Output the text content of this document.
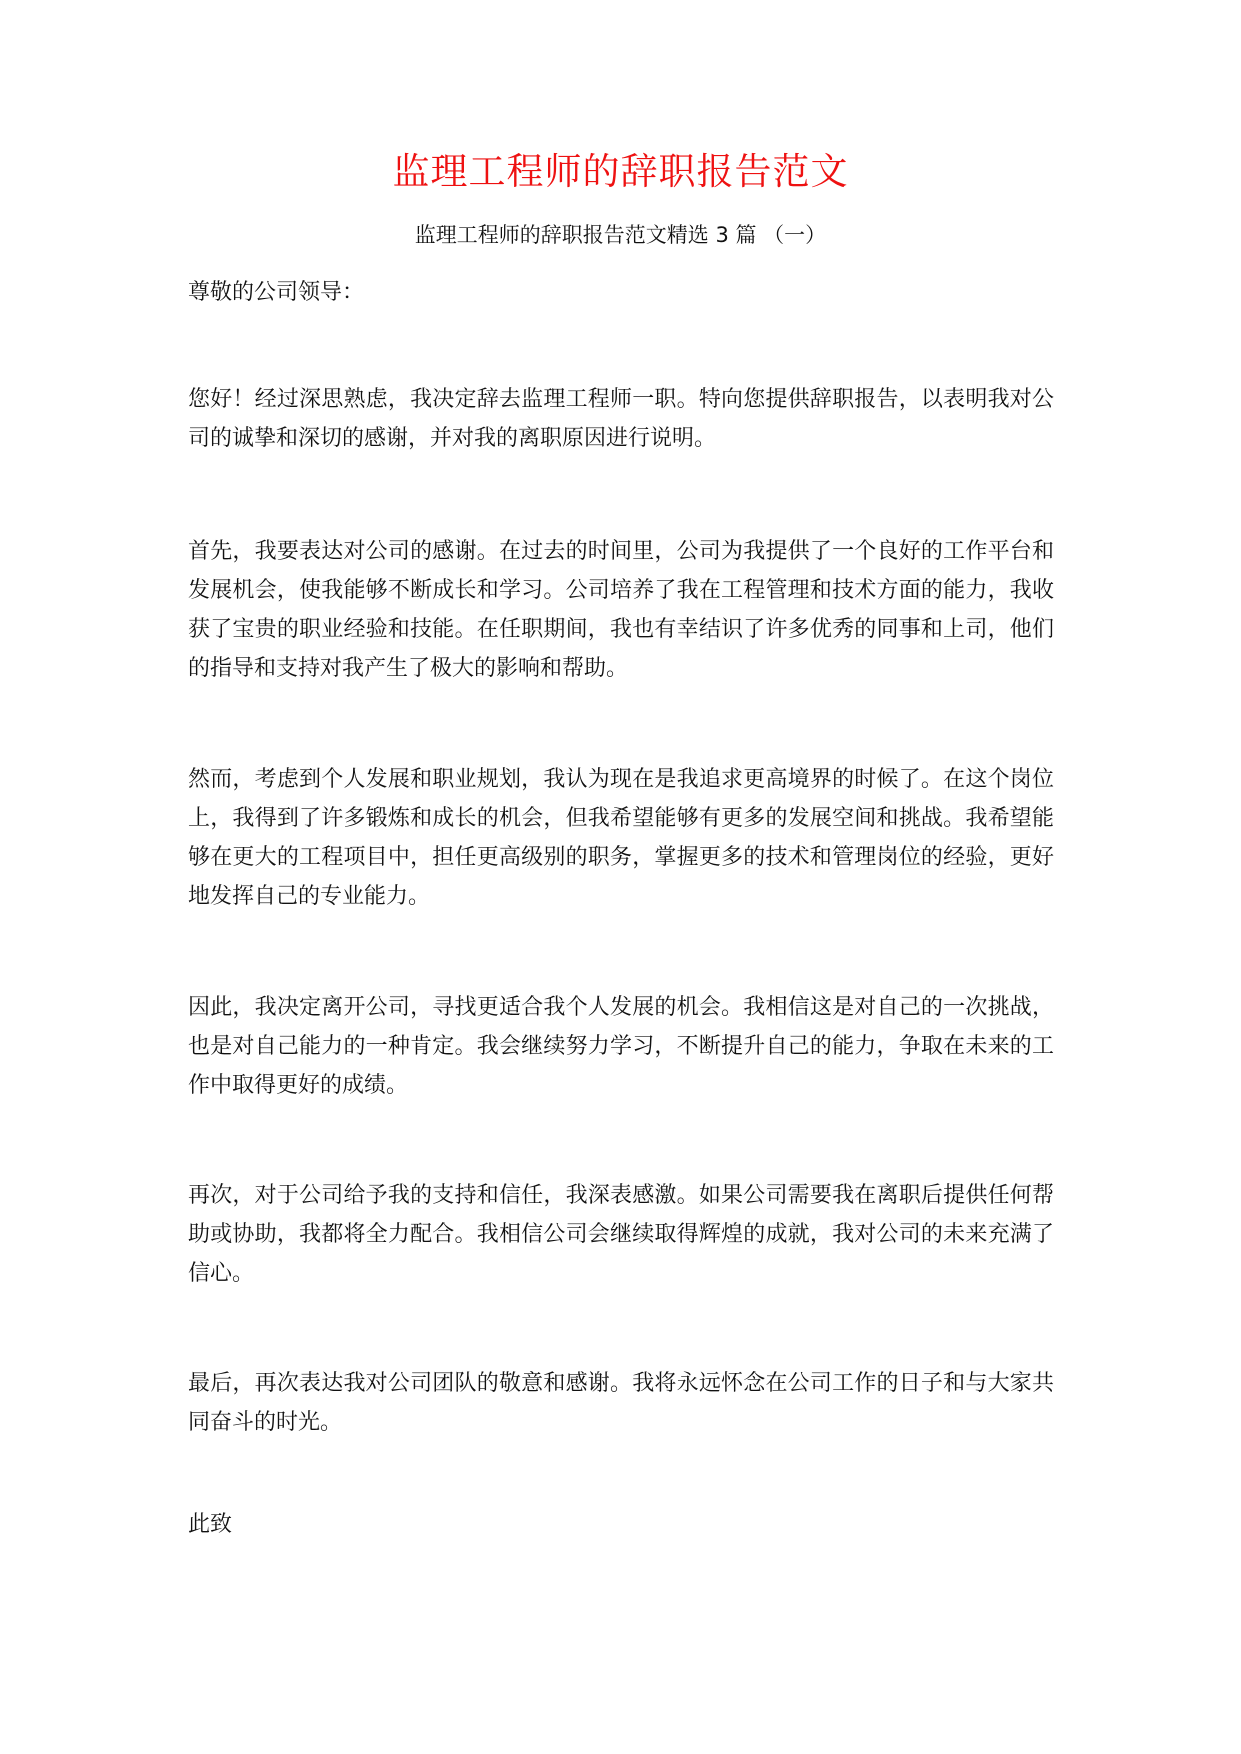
监理工程师的辞职报告范文
监理工程师的辞职报告范文精选 3 篇 （一）
尊敬的公司领导：
您好！经过深思熟虑，我决定辞去监理工程师一职。特向您提供辞职报告，以表明我对公司的诚挚和深切的感谢，并对我的离职原因进行说明。
首先，我要表达对公司的感谢。在过去的时间里，公司为我提供了一个良好的工作平台和发展机会，使我能够不断成长和学习。公司培养了我在工程管理和技术方面的能力，我收获了宝贵的职业经验和技能。在任职期间，我也有幸结识了许多优秀的同事和上司，他们的指导和支持对我产生了极大的影响和帮助。
然而，考虑到个人发展和职业规划，我认为现在是我追求更高境界的时候了。在这个岗位上，我得到了许多锻炼和成长的机会，但我希望能够有更多的发展空间和挑战。我希望能够在更大的工程项目中，担任更高级别的职务，掌握更多的技术和管理岗位的经验，更好地发挥自己的专业能力。
因此，我决定离开公司，寻找更适合我个人发展的机会。我相信这是对自己的一次挑战，也是对自己能力的一种肯定。我会继续努力学习，不断提升自己的能力，争取在未来的工作中取得更好的成绩。
再次，对于公司给予我的支持和信任，我深表感激。如果公司需要我在离职后提供任何帮助或协助，我都将全力配合。我相信公司会继续取得辉煌的成就，我对公司的未来充满了信心。
最后，再次表达我对公司团队的敬意和感谢。我将永远怀念在公司工作的日子和与大家共同奋斗的时光。
此致
